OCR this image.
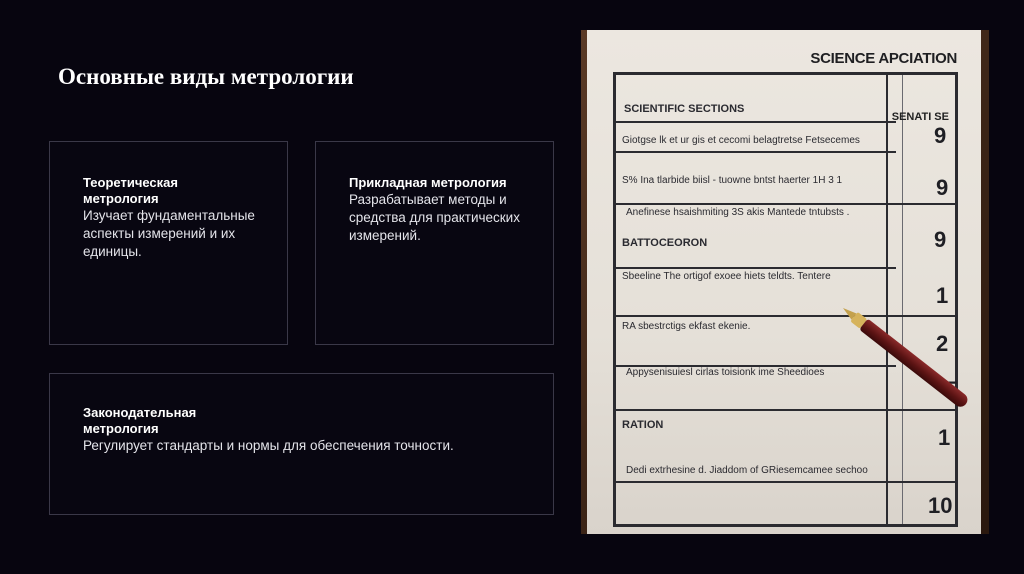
Основные виды метрологии
Теоретическая метрология
Изучает фундаментальные аспекты измерений и их единицы.
Прикладная метрология
Разрабатывает методы и средства для практических измерений.
Законодательная метрология
Регулирует стандарты и нормы для обеспечения точности.
SCIENCE APCIATION
SENATI SE
SCIENTIFIC SECTIONS
Giotgse lk et ur gis et cecomi belagtretse Fetsecemes
S% Ina tlarbide biisl - tuowne bntst haerter 1H 3 1
Anefinese hsaishmiting 3S akis Mantede tntubsts .
BATTOCEORON
Sbeeline The ortigof exoee hiets teldts. Tentere
RA sbestrctigs ekfast ekenie.
Appysenisuiesl cirlas toisionk ime Sheedioes
RATION
Dedi extrhesine d. Jiaddom of GRiesemcamee sechoo
9
9
9
1
2
1
10
